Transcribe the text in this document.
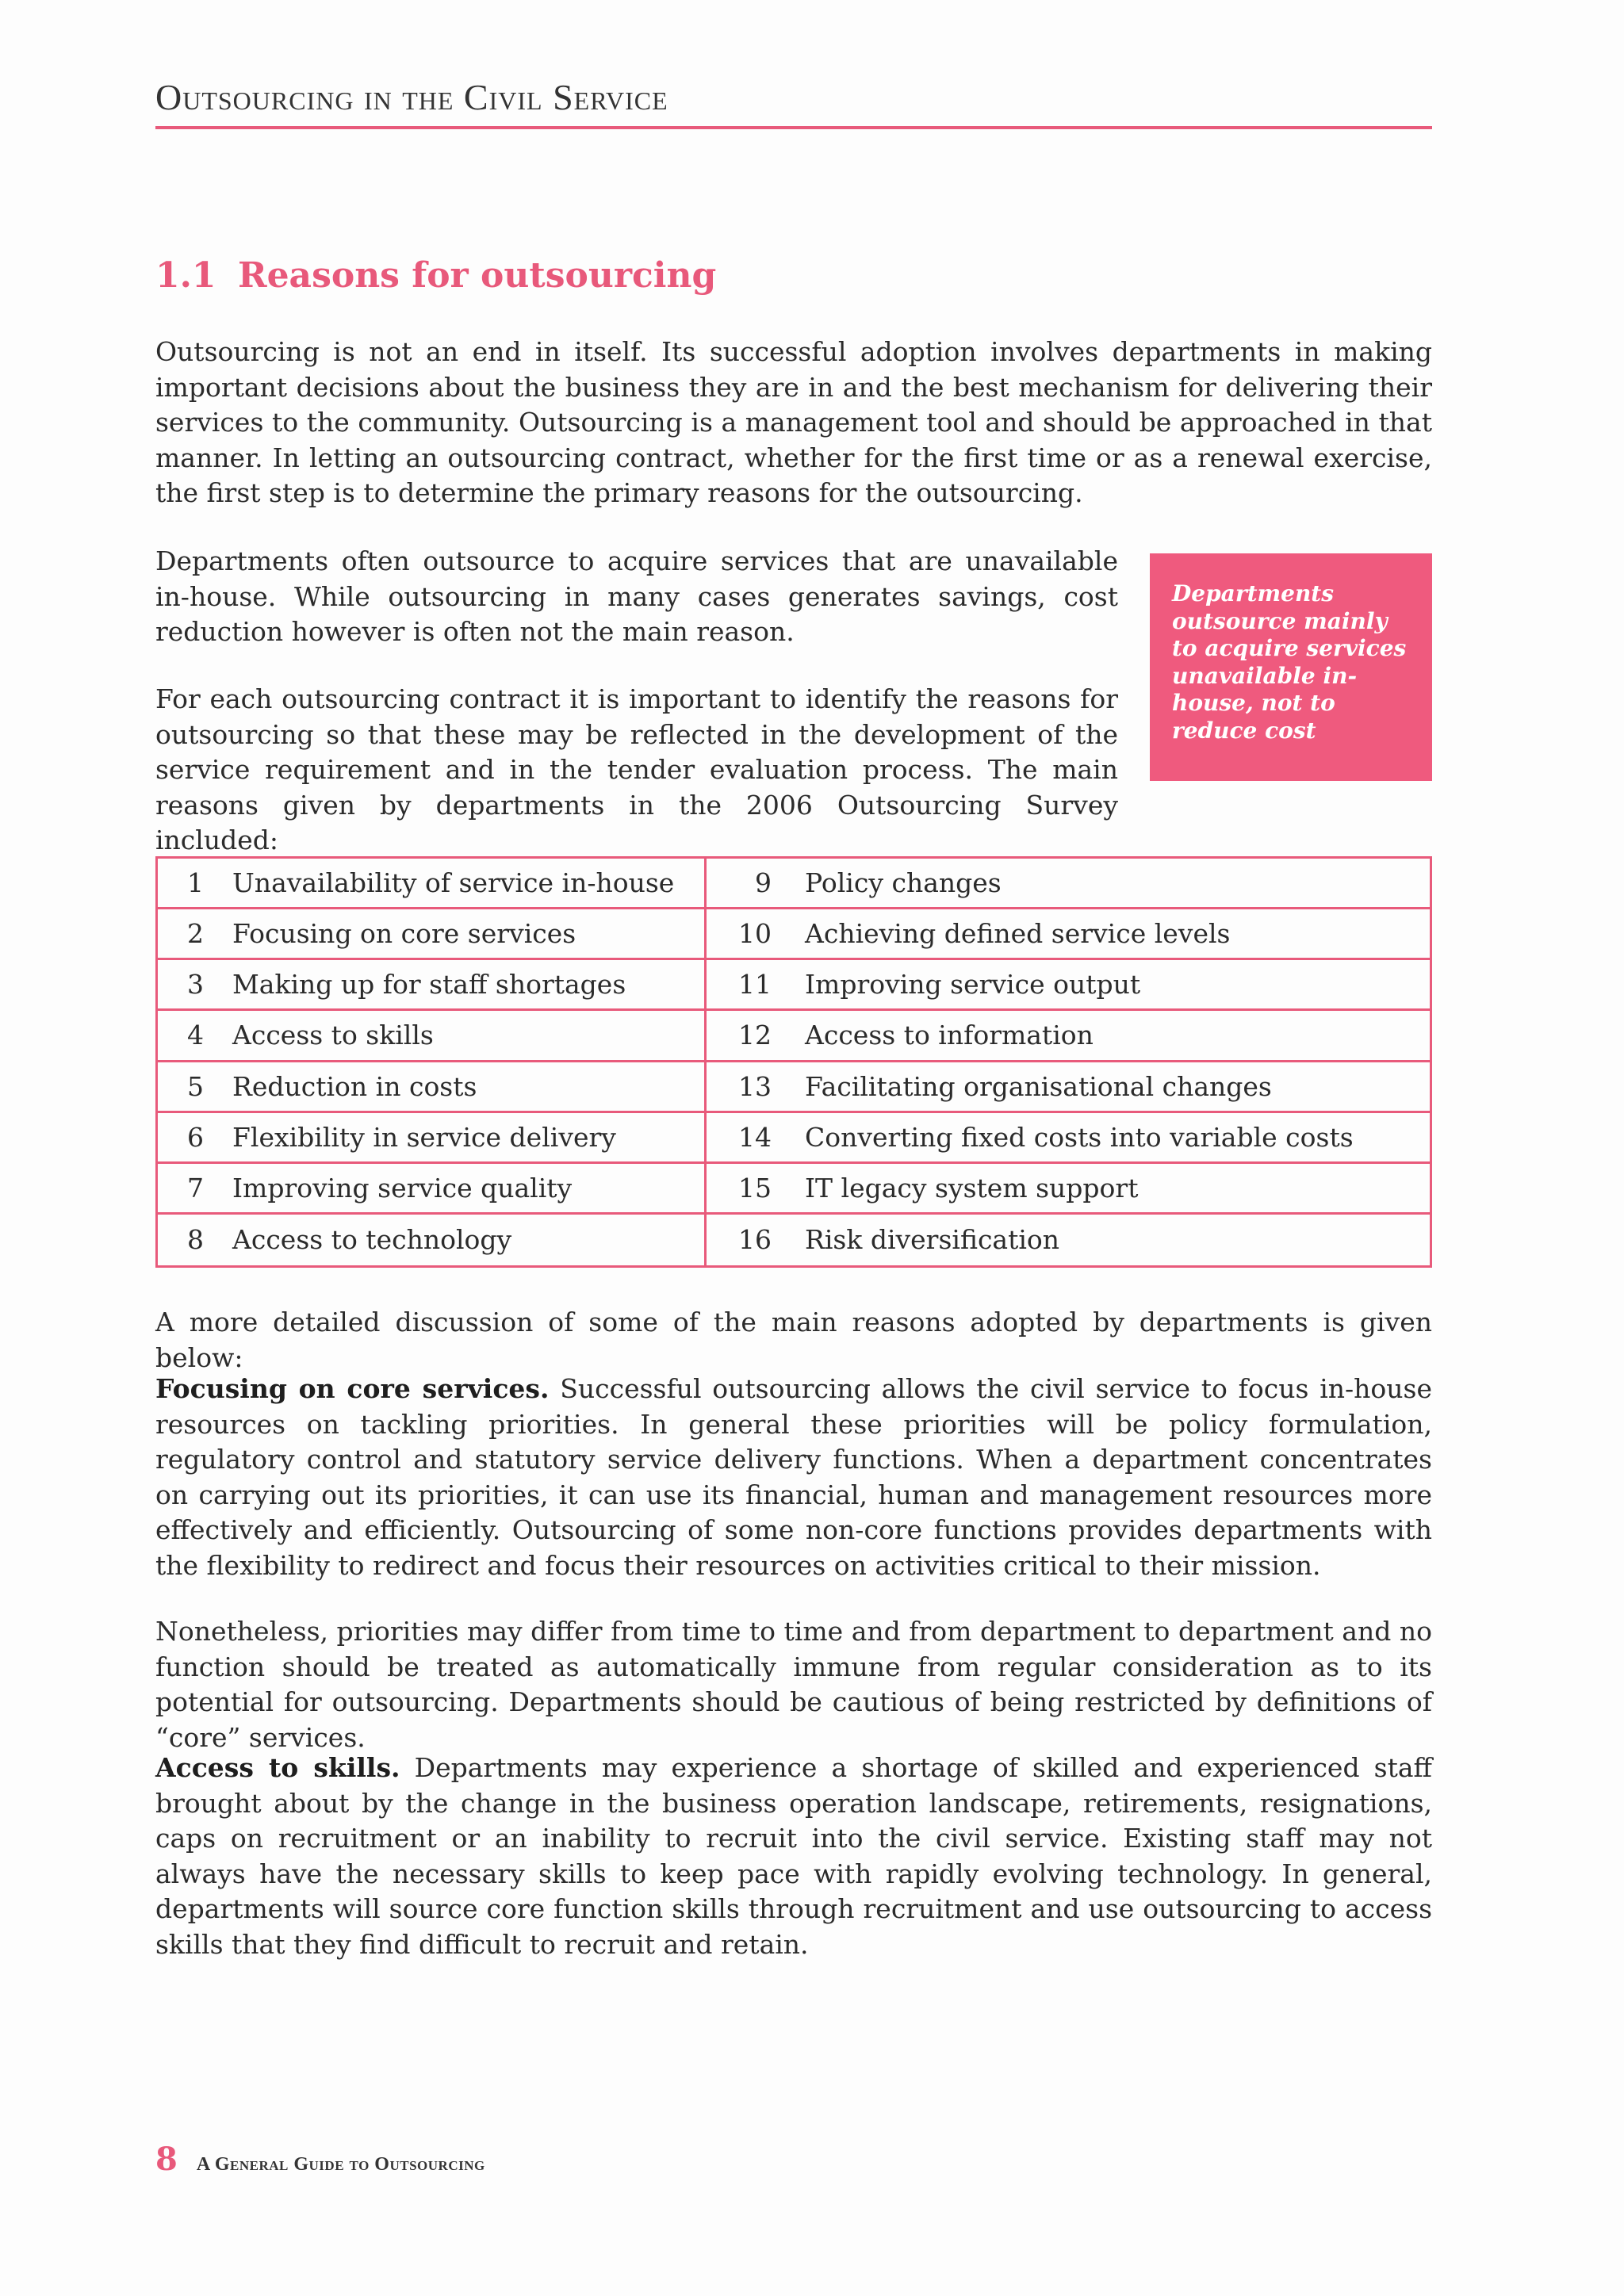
Outsourcing in the Civil Service
1.1 Reasons for outsourcing

Outsourcing is not an end in itself. Its successful adoption involves departments in making important decisions about the business they are in and the best mechanism for delivering their services to the community. Outsourcing is a management tool and should be approached in that manner. In letting an outsourcing contract, whether for the first time or as a renewal exercise, the first step is to determine the primary reasons for the outsourcing.

Departments often outsource to acquire services that are unavailable in-house. While outsourcing in many cases generates savings, cost reduction however is often not the main reason.

For each outsourcing contract it is important to identify the reasons for outsourcing so that these may be reflected in the development of the service requirement and in the tender evaluation process. The main reasons given by departments in the 2006 Outsourcing Survey included:

Departments outsource mainly to acquire services unavailable in-house, not to reduce cost
1 Unavailability of service in-house	9 Policy changes
2 Focusing on core services	10 Achieving defined service levels
3 Making up for staff shortages	11 Improving service output
4 Access to skills	12 Access to information
5 Reduction in costs	13 Facilitating organisational changes
6 Flexibility in service delivery	14 Converting fixed costs into variable costs
7 Improving service quality	15 IT legacy system support
8 Access to technology	16 Risk diversification

A more detailed discussion of some of the main reasons adopted by departments is given below:

Focusing on core services. Successful outsourcing allows the civil service to focus in-house resources on tackling priorities. In general these priorities will be policy formulation, regulatory control and statutory service delivery functions. When a department concentrates on carrying out its priorities, it can use its financial, human and management resources more effectively and efficiently. Outsourcing of some non-core functions provides departments with the flexibility to redirect and focus their resources on activities critical to their mission.

Nonetheless, priorities may differ from time to time and from department to department and no function should be treated as automatically immune from regular consideration as to its potential for outsourcing. Departments should be cautious of being restricted by definitions of “core” services.

Access to skills. Departments may experience a shortage of skilled and experienced staff brought about by the change in the business operation landscape, retirements, resignations, caps on recruitment or an inability to recruit into the civil service. Existing staff may not always have the necessary skills to keep pace with rapidly evolving technology. In general, departments will source core function skills through recruitment and use outsourcing to access skills that they find difficult to recruit and retain.

8 A General Guide to Outsourcing
